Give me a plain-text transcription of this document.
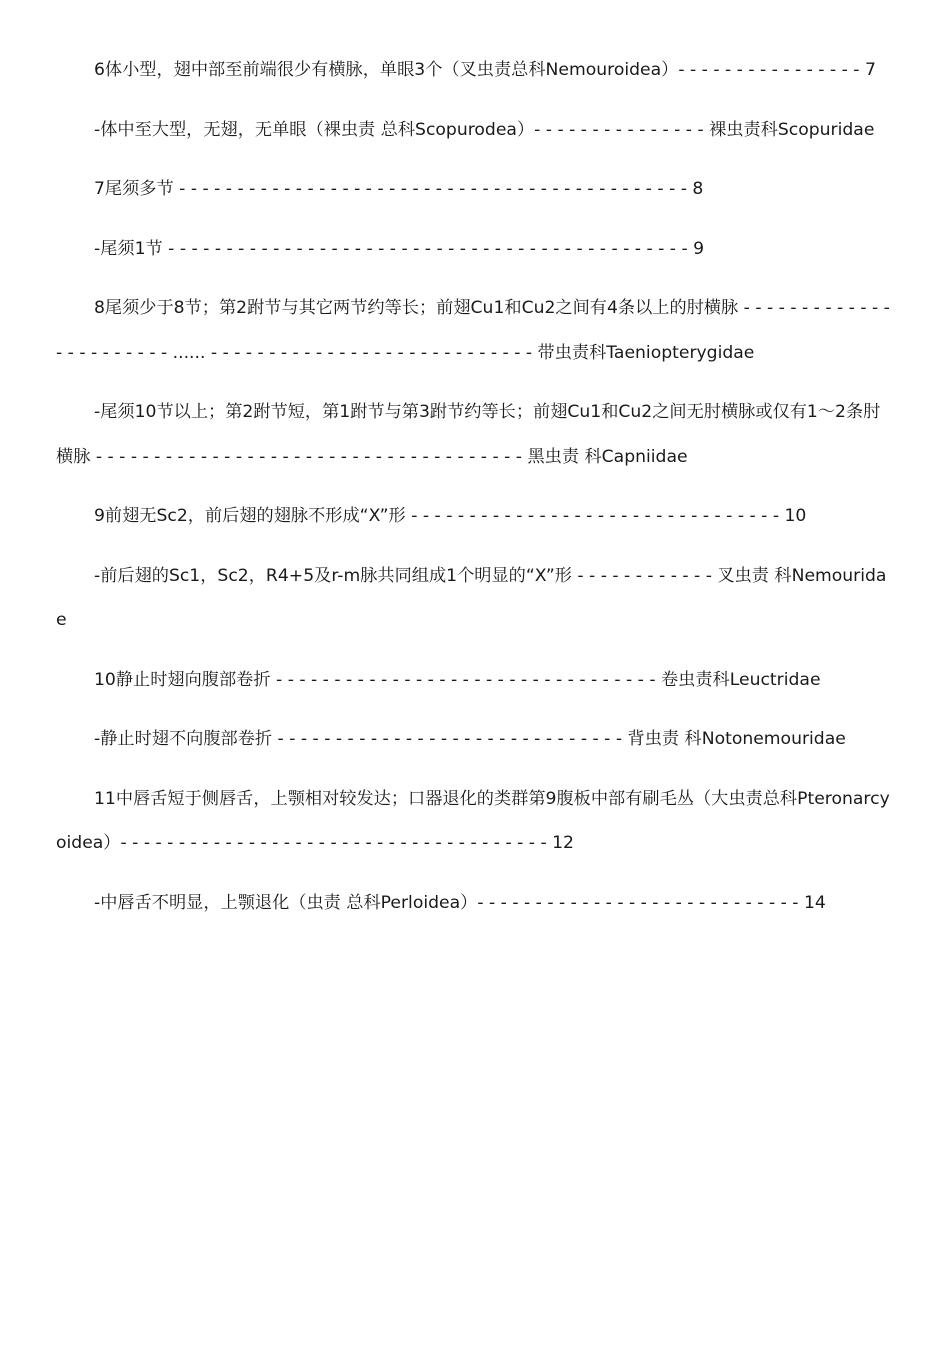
6体小型，翅中部至前端很少有横脉，单眼3个（叉虫责总科Nemouroidea）- - - - - - - - - - - - - - - - 7

-体中至大型，无翅，无单眼（裸虫责 总科Scopurodea）- - - - - - - - - - - - - - - 裸虫责科Scopuridae

7尾须多节 - - - - - - - - - - - - - - - - - - - - - - - - - - - - - - - - - - - - - - - - - - - - 8

-尾须1节 - - - - - - - - - - - - - - - - - - - - - - - - - - - - - - - - - - - - - - - - - - - - - 9

8尾须少于8节；第2跗节与其它两节约等长；前翅Cu1和Cu2之间有4条以上的肘横脉 - - - - - - - - - - - - - - - - - - - - - - - ...... - - - - - - - - - - - - - - - - - - - - - - - - - - - - 带虫责科Taeniopterygidae

-尾须10节以上；第2跗节短，第1跗节与第3跗节约等长；前翅Cu1和Cu2之间无肘横脉或仅有1～2条肘横脉 - - - - - - - - - - - - - - - - - - - - - - - - - - - - - - - - - - - - - 黑虫责 科Capniidae

9前翅无Sc2，前后翅的翅脉不形成“X”形 - - - - - - - - - - - - - - - - - - - - - - - - - - - - - - - - 10

-前后翅的Sc1，Sc2，R4+5及r-m脉共同组成1个明显的“X”形 - - - - - - - - - - - - 叉虫责 科Nemouridae

10静止时翅向腹部卷折 - - - - - - - - - - - - - - - - - - - - - - - - - - - - - - - - - 卷虫责科Leuctridae

-静止时翅不向腹部卷折 - - - - - - - - - - - - - - - - - - - - - - - - - - - - - - 背虫责 科Notonemouridae

11中唇舌短于侧唇舌，上颚相对较发达；口器退化的类群第9腹板中部有刷毛丛（大虫责总科Pteronarcyoidea）- - - - - - - - - - - - - - - - - - - - - - - - - - - - - - - - - - - - - 12

-中唇舌不明显，上颚退化（虫责 总科Perloidea）- - - - - - - - - - - - - - - - - - - - - - - - - - - - 14
